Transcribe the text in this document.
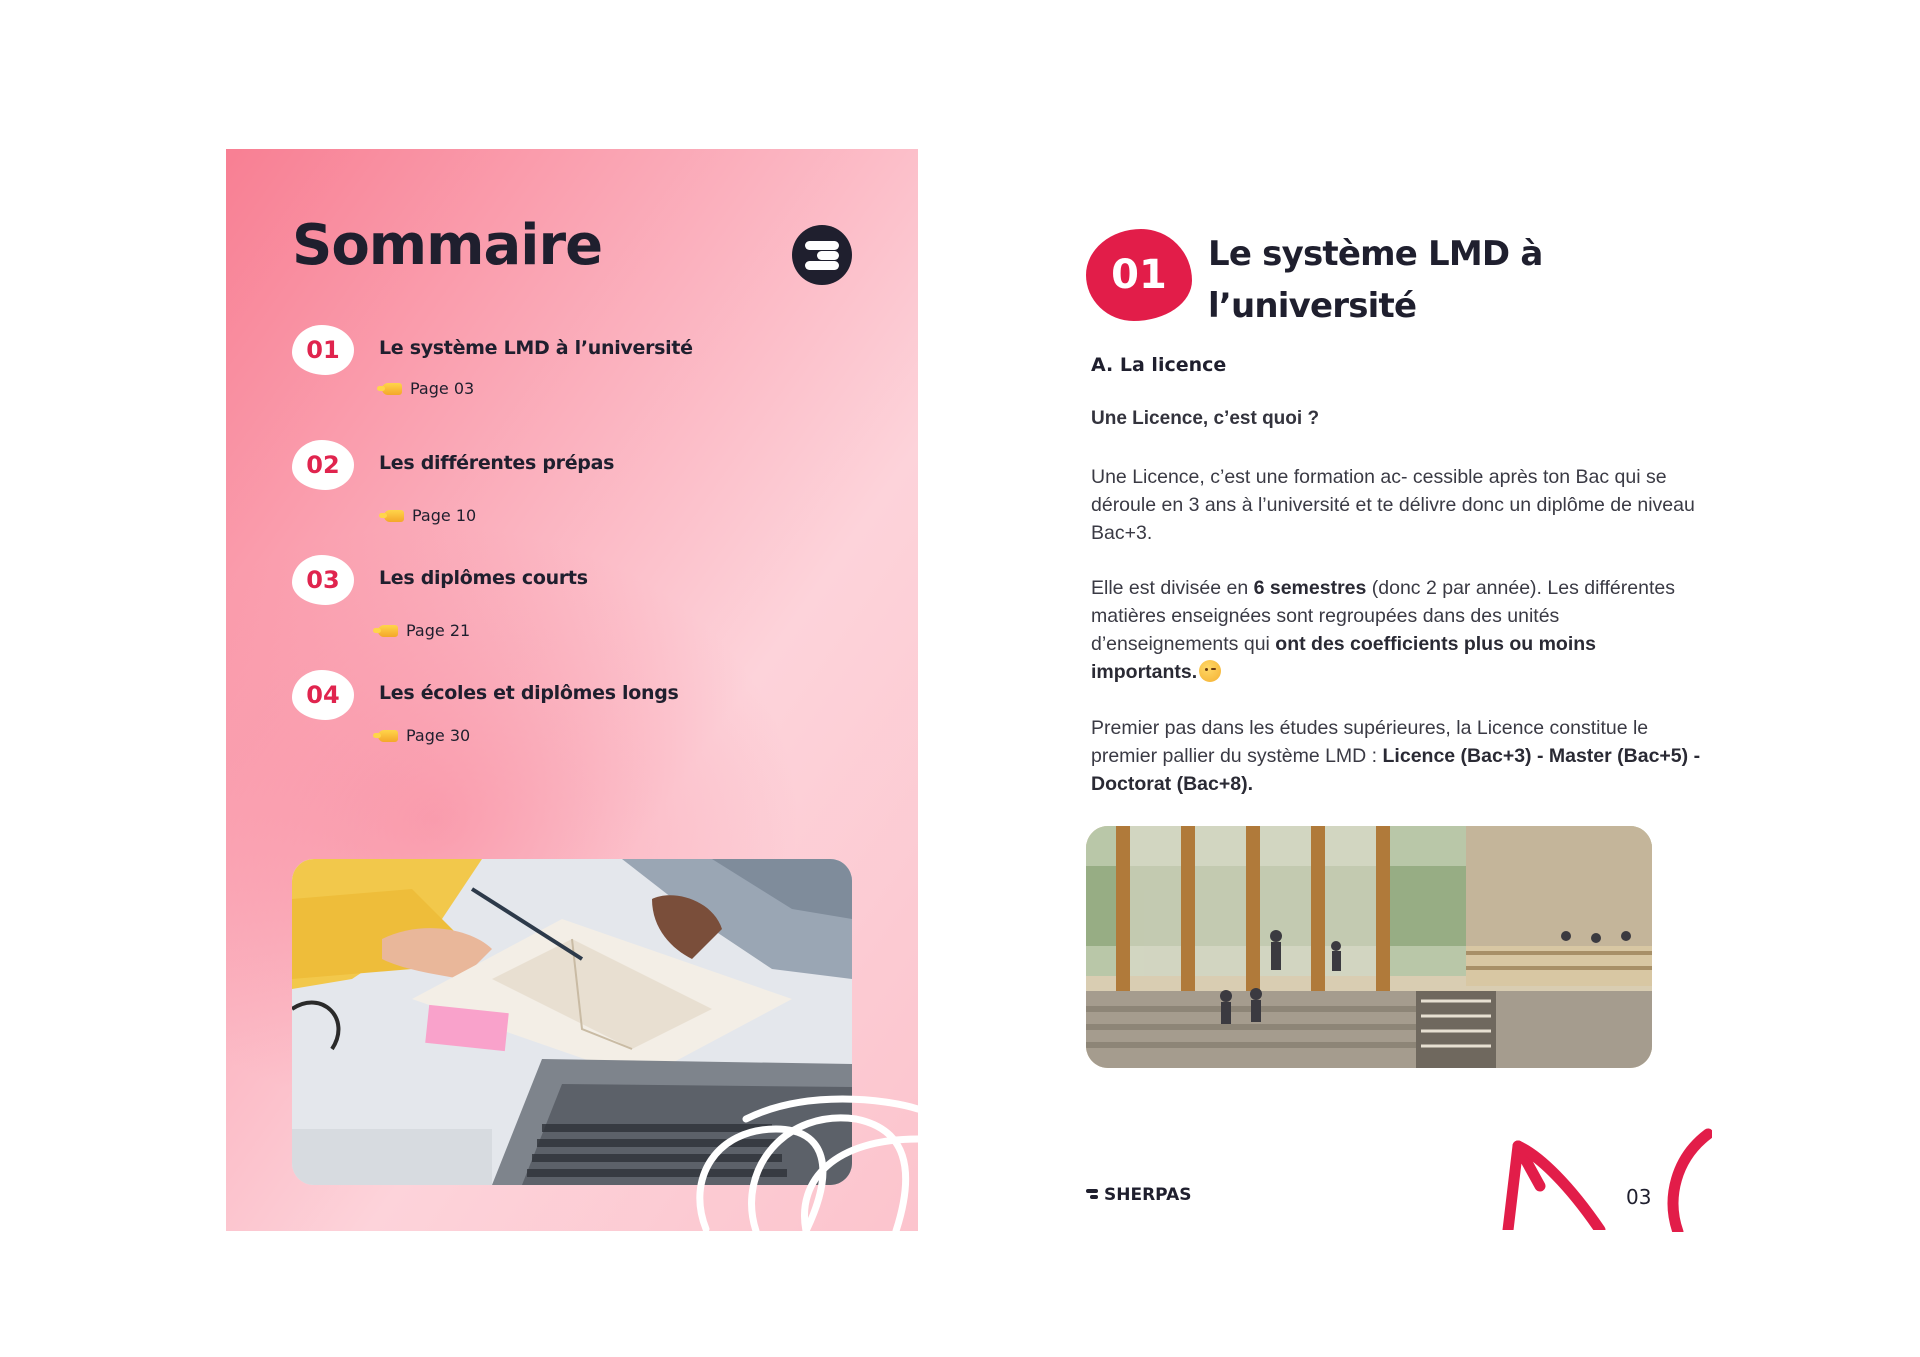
Sommaire
01	Le système LMD à l’université
Page 03
02	Les différentes prépas
Page 10
03	Les diplômes courts
Page 21
04	Les écoles et diplômes longs
Page 30
01	Le système LMD à l’université
A. La licence

Une Licence, c’est quoi ?

Une Licence, c’est une formation ac- cessible après ton Bac qui se déroule en 3 ans à l’université et te délivre donc un diplôme de niveau Bac+3.

Elle est divisée en 6 semestres (donc 2 par année). Les différentes matières enseignées sont regroupées dans des unités d’enseignements qui ont des coefficients plus ou moins importants.

Premier pas dans les études supérieures, la Licence constitue le premier pallier du système LMD : Licence (Bac+3) - Master (Bac+5) - Doctorat (Bac+8).

SHERPAS	03
